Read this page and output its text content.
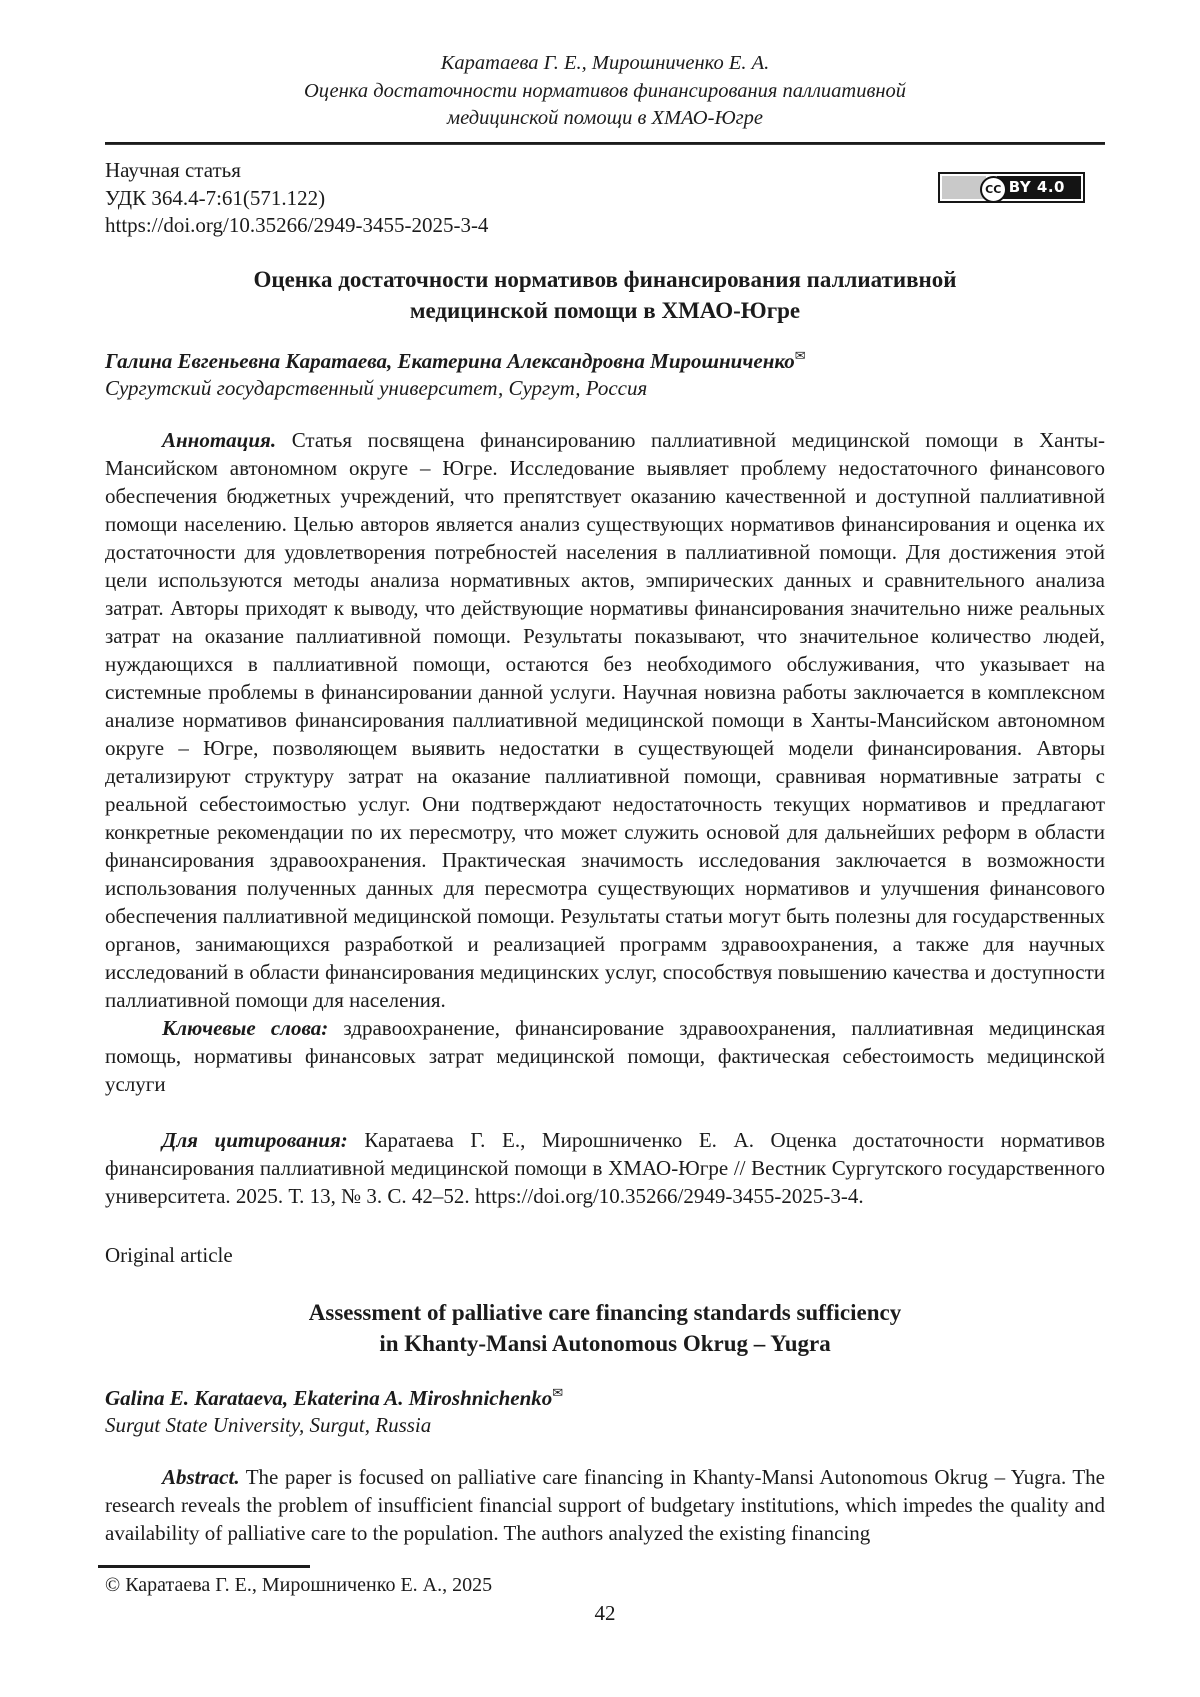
Каратаева Г. Е., Мирошниченко Е. А.
Оценка достаточности нормативов финансирования паллиативной
медицинской помощи в ХМАО-Югре
Научная статья
УДК 364.4-7:61(571.122)
https://doi.org/10.35266/2949-3455-2025-3-4
CC BY 4.0
Оценка достаточности нормативов финансирования паллиативной
медицинской помощи в ХМАО-Югре
Галина Евгеньевна Каратаева, Екатерина Александровна Мирошниченко✉
Сургутский государственный университет, Сургут, Россия

Аннотация. Статья посвящена финансированию паллиативной медицинской помощи в Ханты-Мансийском автономном округе – Югре. Исследование выявляет проблему недостаточного финансового обеспечения бюджетных учреждений, что препятствует оказанию качественной и доступной паллиативной помощи населению. Целью авторов является анализ существующих нормативов финансирования и оценка их достаточности для удовлетворения потребностей населения в паллиативной помощи. Для достижения этой цели используются методы анализа нормативных актов, эмпирических данных и сравнительного анализа затрат. Авторы приходят к выводу, что действующие нормативы финансирования значительно ниже реальных затрат на оказание паллиативной помощи. Результаты показывают, что значительное количество людей, нуждающихся в паллиативной помощи, остаются без необходимого обслуживания, что указывает на системные проблемы в финансировании данной услуги. Научная новизна работы заключается в комплексном анализе нормативов финансирования паллиативной медицинской помощи в Ханты-Мансийском автономном округе – Югре, позволяющем выявить недостатки в существующей модели финансирования. Авторы детализируют структуру затрат на оказание паллиативной помощи, сравнивая нормативные затраты с реальной себестоимостью услуг. Они подтверждают недостаточность текущих нормативов и предлагают конкретные рекомендации по их пересмотру, что может служить основой для дальнейших реформ в области финансирования здравоохранения. Практическая значимость исследования заключается в возможности использования полученных данных для пересмотра существующих нормативов и улучшения финансового обеспечения паллиативной медицинской помощи. Результаты статьи могут быть полезны для государственных органов, занимающихся разработкой и реализацией программ здравоохранения, а также для научных исследований в области финансирования медицинских услуг, способствуя повышению качества и доступности паллиативной помощи для населения.

Ключевые слова: здравоохранение, финансирование здравоохранения, паллиативная медицинская помощь, нормативы финансовых затрат медицинской помощи, фактическая себестоимость медицинской услуги

Для цитирования: Каратаева Г. Е., Мирошниченко Е. А. Оценка достаточности нормативов финансирования паллиативной медицинской помощи в ХМАО-Югре // Вестник Сургутского государственного университета. 2025. Т. 13, № 3. С. 42–52. https://doi.org/10.35266/2949-3455-2025-3-4.

Original article
Assessment of palliative care financing standards sufficiency
in Khanty-Mansi Autonomous Okrug – Yugra
Galina E. Karataeva, Ekaterina A. Miroshnichenko✉
Surgut State University, Surgut, Russia

Abstract. The paper is focused on palliative care financing in Khanty-Mansi Autonomous Okrug – Yugra. The research reveals the problem of insufficient financial support of budgetary institutions, which impedes the quality and availability of palliative care to the population. The authors analyzed the existing financing

© Каратаева Г. Е., Мирошниченко Е. А., 2025
42
